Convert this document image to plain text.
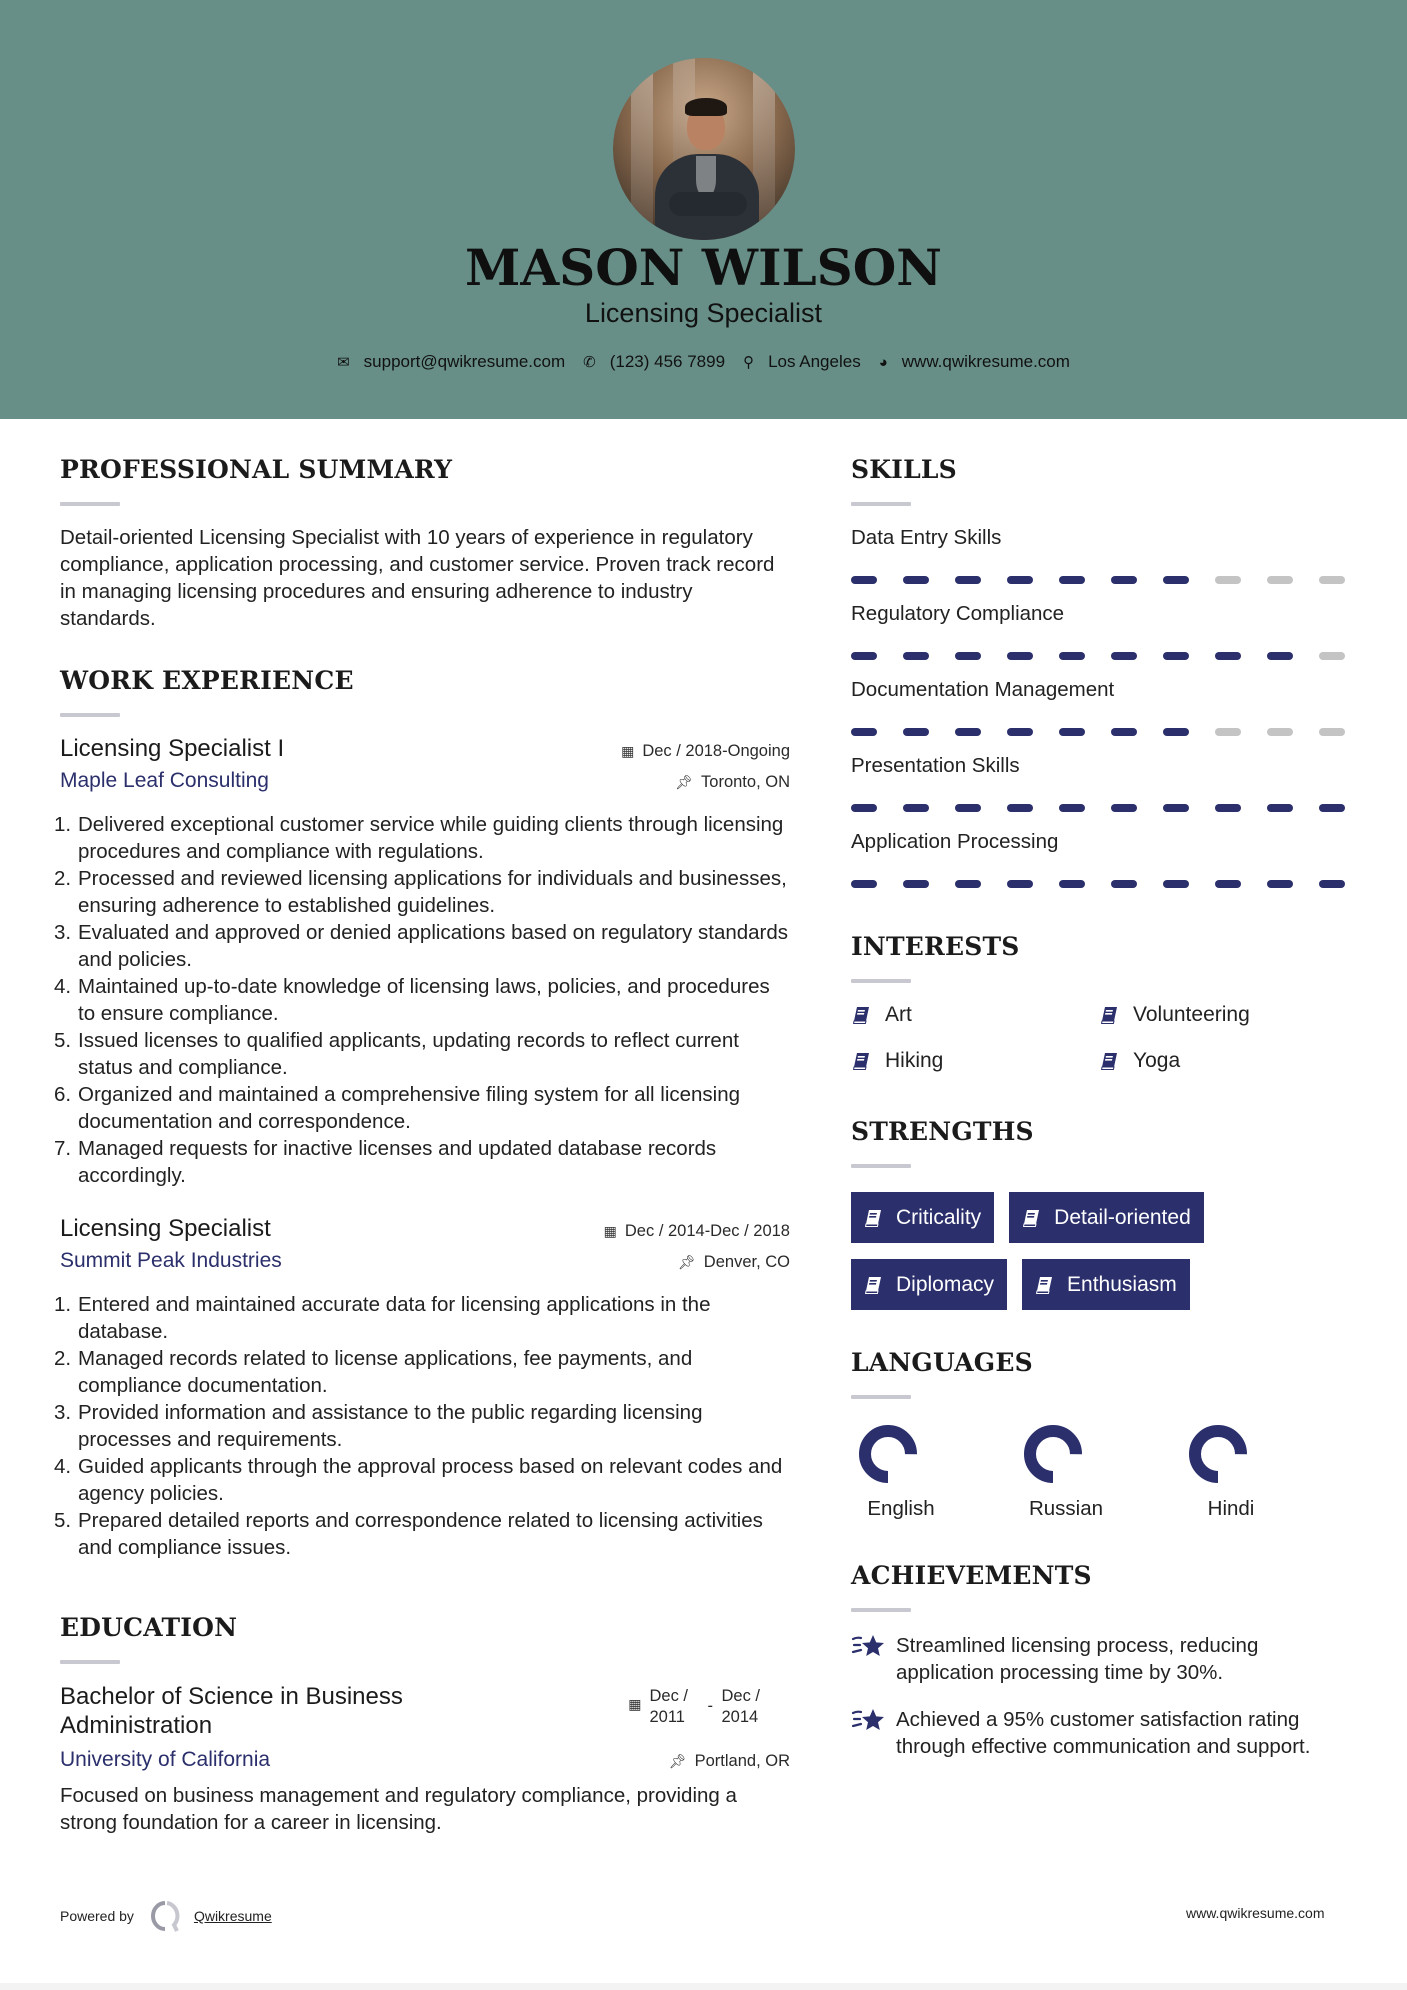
MASON WILSON
Licensing Specialist
✉ support@qwikresume.com ✆ (123) 456 7899 ⚲ Los Angeles ◕ www.qwikresume.com
PROFESSIONAL SUMMARY

Detail-oriented Licensing Specialist with 10 years of experience in regulatory compliance, application processing, and customer service. Proven track record in managing licensing procedures and ensuring adherence to industry standards.

WORK EXPERIENCE
Licensing Specialist I	▦ Dec / 2018-Ongoing
Maple Leaf Consulting	📌︎ Toronto, ON
1. Delivered exceptional customer service while guiding clients through licensing procedures and compliance with regulations.
2. Processed and reviewed licensing applications for individuals and businesses, ensuring adherence to established guidelines.
3. Evaluated and approved or denied applications based on regulatory standards and policies.
4. Maintained up-to-date knowledge of licensing laws, policies, and procedures to ensure compliance.
5. Issued licenses to qualified applicants, updating records to reflect current status and compliance.
6. Organized and maintained a comprehensive filing system for all licensing documentation and correspondence.
7. Managed requests for inactive licenses and updated database records accordingly.
Licensing Specialist	▦ Dec / 2014-Dec / 2018
Summit Peak Industries	📌︎ Denver, CO
1. Entered and maintained accurate data for licensing applications in the database.
2. Managed records related to license applications, fee payments, and compliance documentation.
3. Provided information and assistance to the public regarding licensing processes and requirements.
4. Guided applicants through the approval process based on relevant codes and agency policies.
5. Prepared detailed reports and correspondence related to licensing activities and compliance issues.
EDUCATION
Bachelor of Science in Business
Administration
▦ Dec /
2011
-
Dec /
2014
University of California	📌︎ Portland, OR

Focused on business management and regulatory compliance, providing a strong foundation for a career in licensing.

SKILLS
Data Entry Skills
Regulatory Compliance
Documentation Management
Presentation Skills
Application Processing
INTERESTS
Art	Volunteering
Hiking	Yoga
STRENGTHS
Criticality	Detail-oriented
Diplomacy	Enthusiasm
LANGUAGES
English	Russian	Hindi
ACHIEVEMENTS
Streamlined licensing process, reducing application processing time by 30%.
Achieved a 95% customer satisfaction rating through effective communication and support.
Powered by	Qwikresume	www.qwikresume.com
